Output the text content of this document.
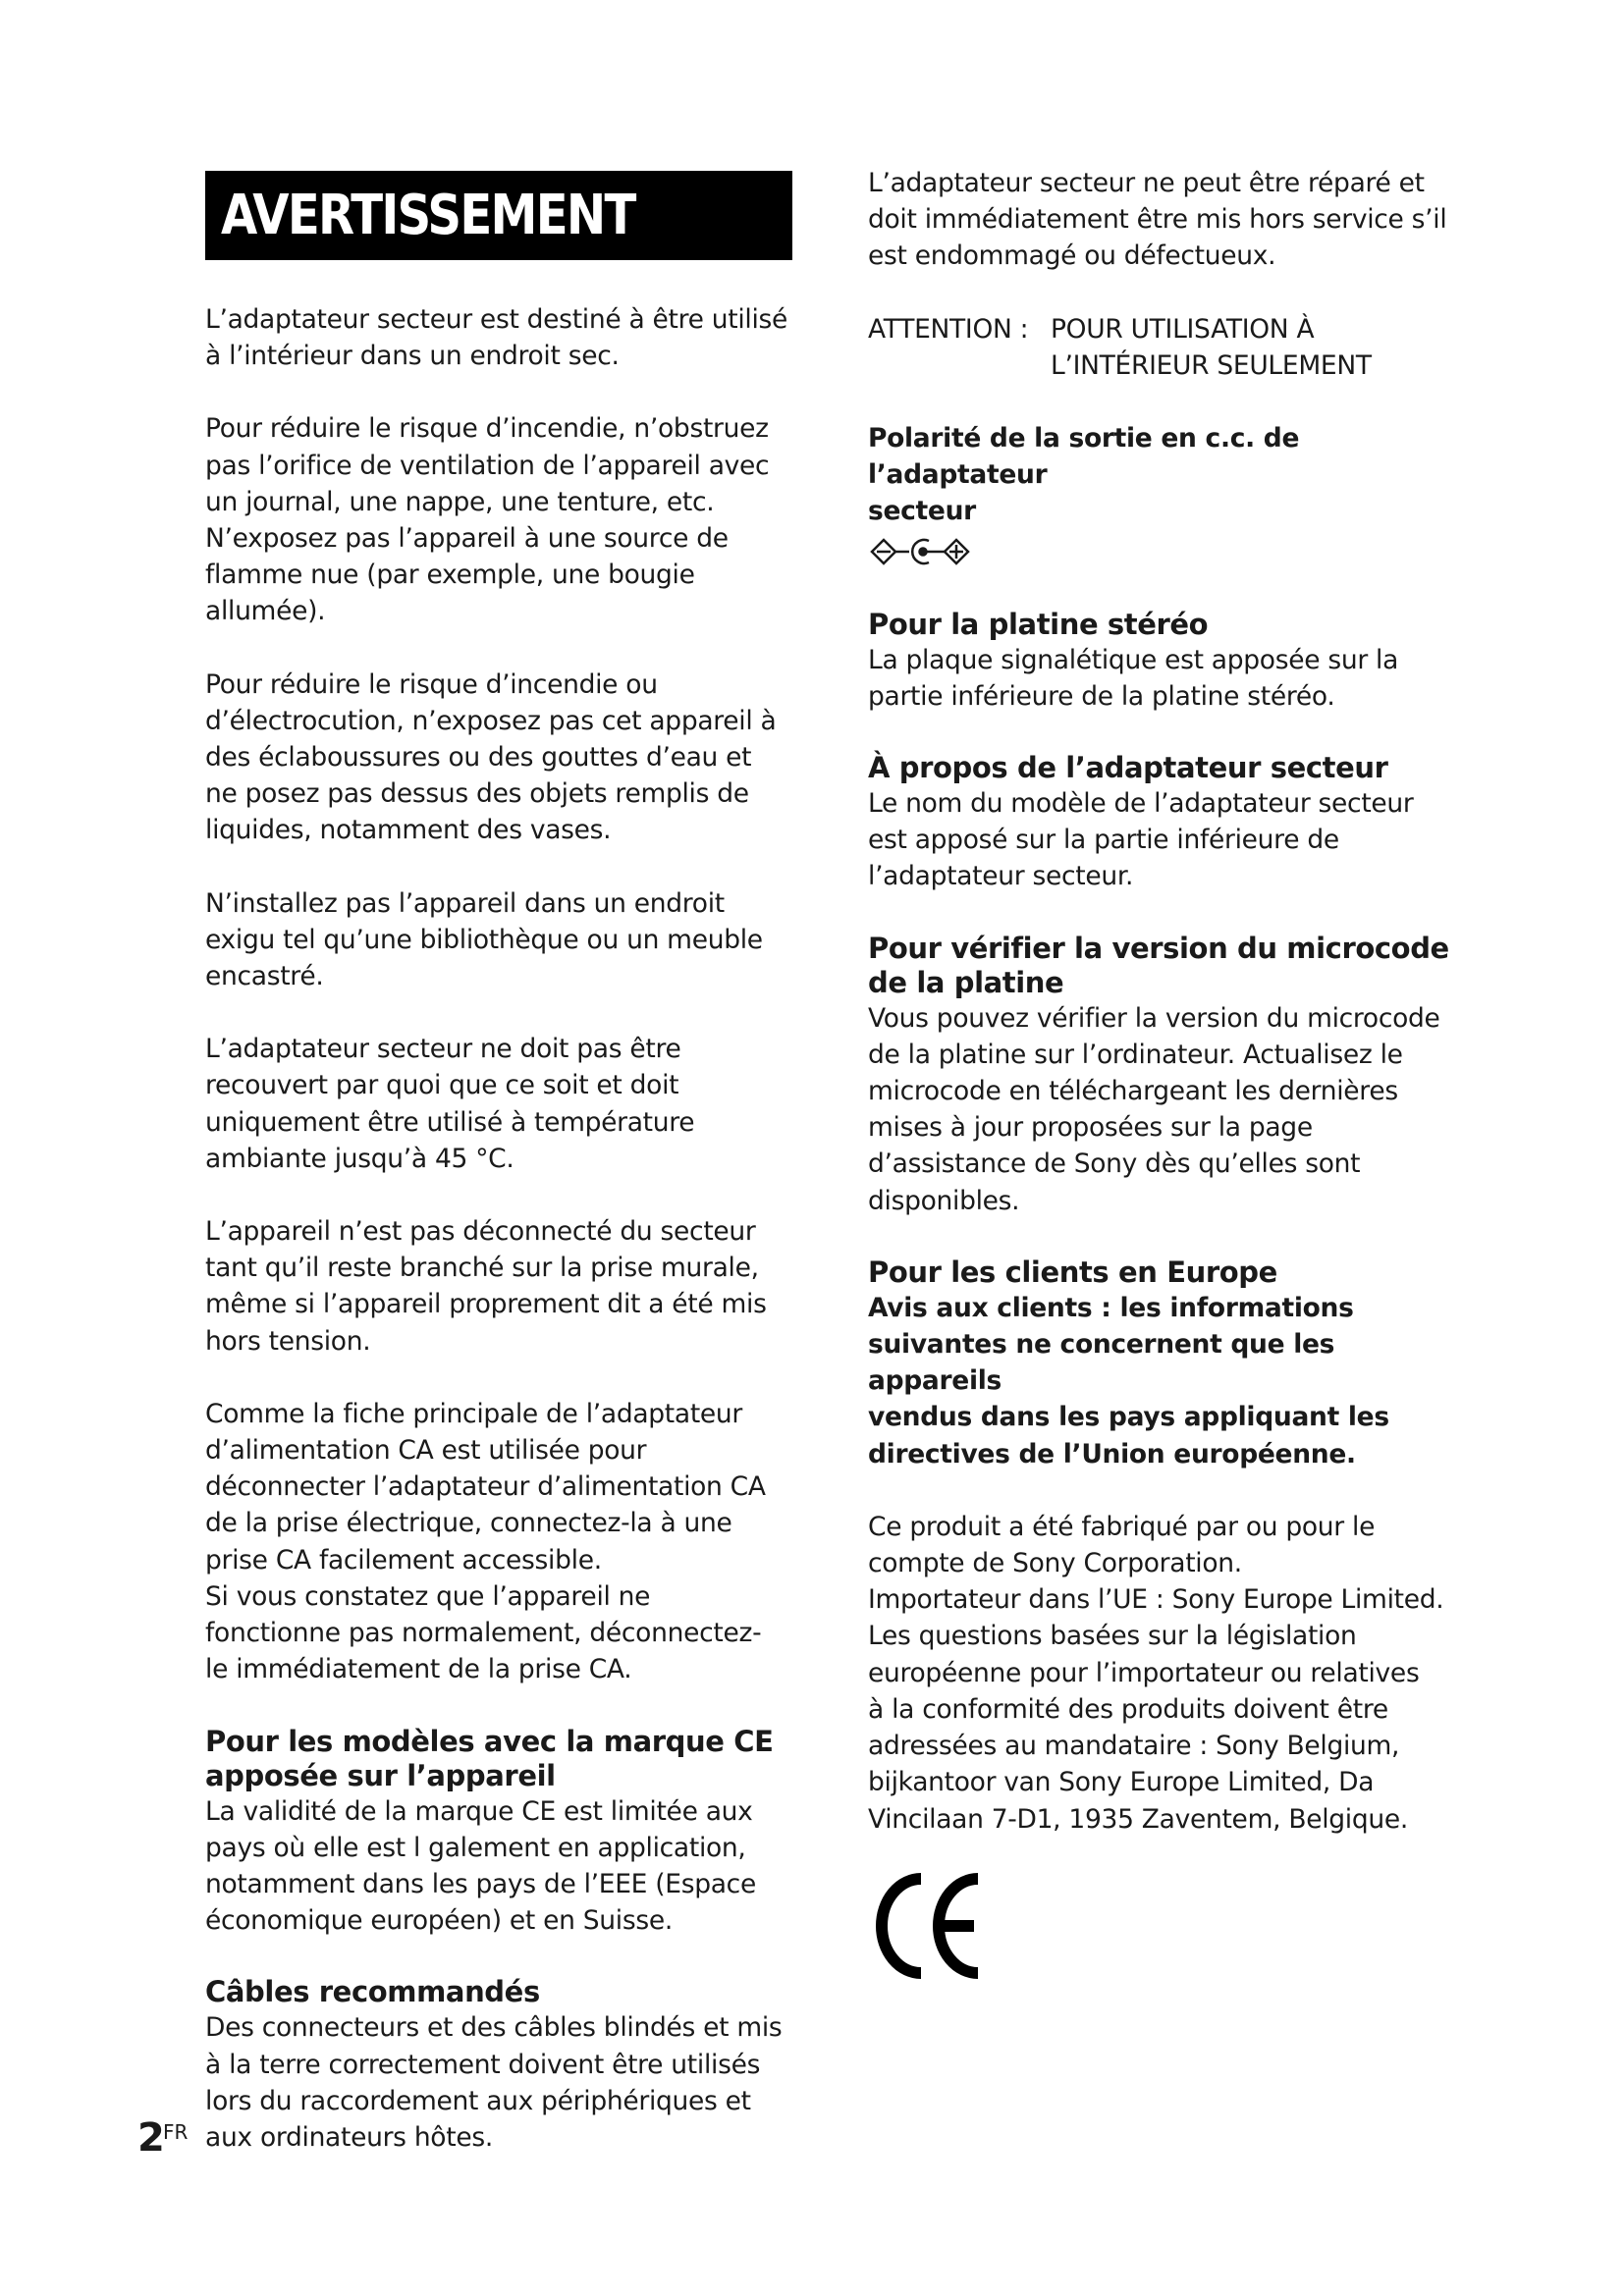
AVERTISSEMENT

L’adaptateur secteur est destiné à être utilisé
à l’intérieur dans un endroit sec.

Pour réduire le risque d’incendie, n’obstruez
pas l’orifice de ventilation de l’appareil avec
un journal, une nappe, une tenture, etc.
N’exposez pas l’appareil à une source de
flamme nue (par exemple, une bougie
allumée).

Pour réduire le risque d’incendie ou
d’électrocution, n’exposez pas cet appareil à
des éclaboussures ou des gouttes d’eau et
ne posez pas dessus des objets remplis de
liquides, notamment des vases.

N’installez pas l’appareil dans un endroit
exigu tel qu’une bibliothèque ou un meuble
encastré.

L’adaptateur secteur ne doit pas être
recouvert par quoi que ce soit et doit
uniquement être utilisé à température
ambiante jusqu’à 45 °C.

L’appareil n’est pas déconnecté du secteur
tant qu’il reste branché sur la prise murale,
même si l’appareil proprement dit a été mis
hors tension.

Comme la fiche principale de l’adaptateur
d’alimentation CA est utilisée pour
déconnecter l’adaptateur d’alimentation CA
de la prise électrique, connectez-la à une
prise CA facilement accessible.
Si vous constatez que l’appareil ne
fonctionne pas normalement, déconnectez-
le immédiatement de la prise CA.

Pour les modèles avec la marque CE
apposée sur l’appareil

La validité de la marque CE est limitée aux
pays où elle est l galement en application,
notamment dans les pays de l’EEE (Espace
économique européen) et en Suisse.

Câbles recommandés

Des connecteurs et des câbles blindés et mis
à la terre correctement doivent être utilisés
lors du raccordement aux périphériques et
aux ordinateurs hôtes.

L’adaptateur secteur ne peut être réparé et
doit immédiatement être mis hors service s’il
est endommagé ou défectueux.

ATTENTION : POUR UTILISATION À
L’INTÉRIEUR SEULEMENT
Polarité de la sortie en c.c. de l’adaptateur
secteur
Pour la platine stéréo

La plaque signalétique est apposée sur la
partie inférieure de la platine stéréo.

À propos de l’adaptateur secteur

Le nom du modèle de l’adaptateur secteur
est apposé sur la partie inférieure de
l’adaptateur secteur.

Pour vérifier la version du microcode
de la platine

Vous pouvez vérifier la version du microcode
de la platine sur l’ordinateur. Actualisez le
microcode en téléchargeant les dernières
mises à jour proposées sur la page
d’assistance de Sony dès qu’elles sont
disponibles.

Pour les clients en Europe
Avis aux clients : les informations
suivantes ne concernent que les appareils
vendus dans les pays appliquant les
directives de l’Union européenne.

Ce produit a été fabriqué par ou pour le
compte de Sony Corporation.
Importateur dans l’UE : Sony Europe Limited.
Les questions basées sur la législation
européenne pour l’importateur ou relatives
à la conformité des produits doivent être
adressées au mandataire : Sony Belgium,
bijkantoor van Sony Europe Limited, Da
Vincilaan 7-D1, 1935 Zaventem, Belgique.

2
FR
